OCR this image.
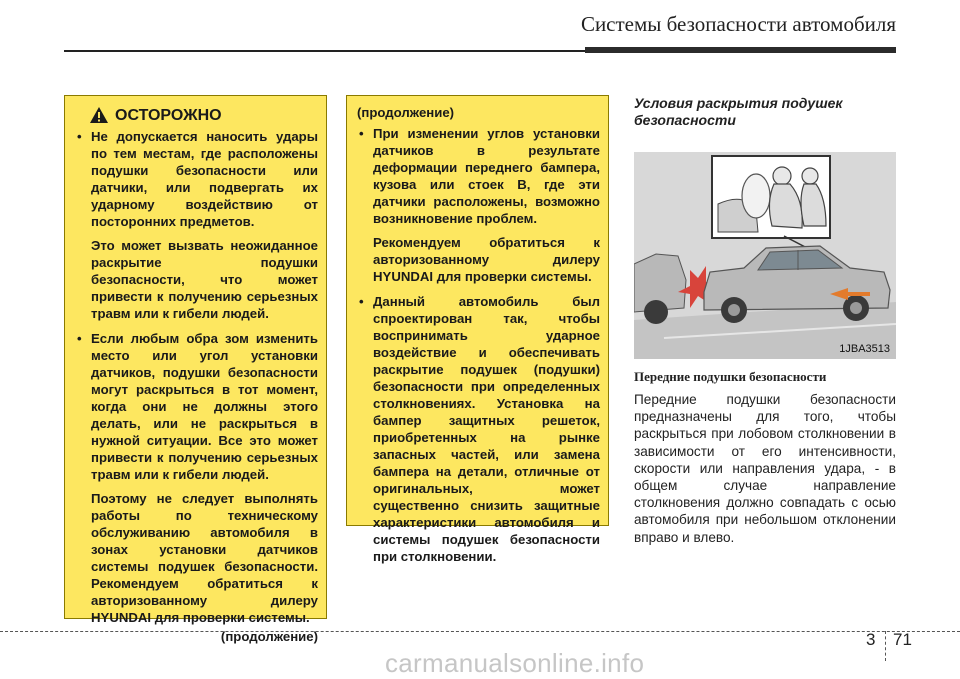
Системы безопасности автомобиля
ОСТОРОЖНО

• Не допускается наносить удары по тем местам, где расположены подушки безопасности или датчики, или подвергать их ударному воздействию от посторонних предметов.

Это может вызвать неожиданное раскрытие подушки безопасности, что может привести к получению серьезных травм или к гибели людей.

• Если любым обра зом изменить место или угол установки датчиков, подушки безопасности могут раскрыться в тот момент, когда они не должны этого делать, или не раскрыться в нужной ситуации. Все это может привести к получению серьезных травм или к гибели людей.

Поэтому не следует выполнять работы по техническому обслуживанию автомобиля в зонах установки датчиков системы подушек безопасности. Рекомендуем обратиться к авторизованному дилеру HYUNDAI для проверки системы.

(продолжение)
(продолжение)

• При изменении углов установки датчиков в результате деформации переднего бампера, кузова или стоек B, где эти датчики расположены, возможно возникновение проблем.

Рекомендуем обратиться к авторизованному дилеру HYUNDAI для проверки системы.

• Данный автомобиль был спроектирован так, чтобы воспринимать ударное воздействие и обеспечивать раскрытие подушек (подушки) безопасности при определенных столкновениях. Установка на бампер защитных решеток, приобретенных на рынке запасных частей, или замена бампера на детали, отличные от оригинальных, может существенно снизить защитные характеристики автомобиля и системы подушек безопасности при столкновении.

Условия раскрытия подушек безопасности

1JBA3513
Передние подушки безопасности
Передние подушки безопасности предназначены для того, чтобы раскрыться при лобовом столкновении в зависимости от его интенсивности, скорости или направления удара, - в общем случае направление столкновения должно совпадать с осью автомобиля при небольшом отклонении вправо и влево.
3 71
carmanualsonline.info
